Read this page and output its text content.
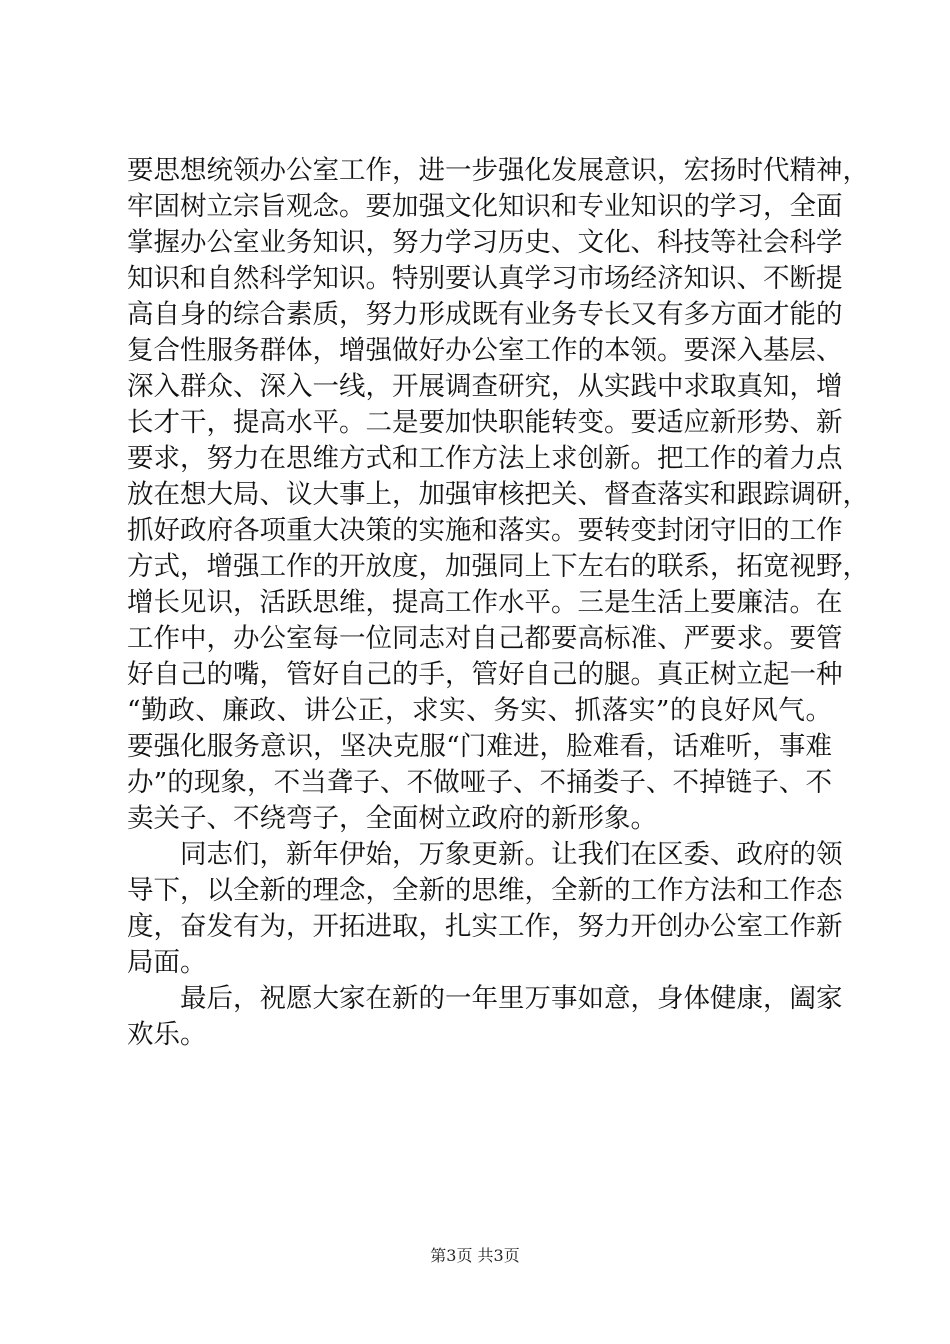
要思想统领办公室工作，进一步强化发展意识，宏扬时代精神，
牢固树立宗旨观念。要加强文化知识和专业知识的学习，全面
掌握办公室业务知识，努力学习历史、文化、科技等社会科学
知识和自然科学知识。特别要认真学习市场经济知识、不断提
高自身的综合素质，努力形成既有业务专长又有多方面才能的
复合性服务群体，增强做好办公室工作的本领。要深入基层、
深入群众、深入一线，开展调查研究，从实践中求取真知，增
长才干，提高水平。二是要加快职能转变。要适应新形势、新
要求，努力在思维方式和工作方法上求创新。把工作的着力点
放在想大局、议大事上，加强审核把关、督查落实和跟踪调研，
抓好政府各项重大决策的实施和落实。要转变封闭守旧的工作
方式，增强工作的开放度，加强同上下左右的联系，拓宽视野，
增长见识，活跃思维，提高工作水平。三是生活上要廉洁。在
工作中，办公室每一位同志对自己都要高标准、严要求。要管
好自己的嘴，管好自己的手，管好自己的腿。真正树立起一种
“勤政、廉政、讲公正，求实、务实、抓落实”的良好风气。
要强化服务意识，坚决克服“门难进，脸难看，话难听，事难
办”的现象，不当聋子、不做哑子、不捅娄子、不掉链子、不
卖关子、不绕弯子，全面树立政府的新形象。
同志们，新年伊始，万象更新。让我们在区委、政府的领
导下，以全新的理念，全新的思维，全新的工作方法和工作态
度，奋发有为，开拓进取，扎实工作，努力开创办公室工作新
局面。
最后，祝愿大家在新的一年里万事如意，身体健康，阖家
欢乐。
第3页 共3页
